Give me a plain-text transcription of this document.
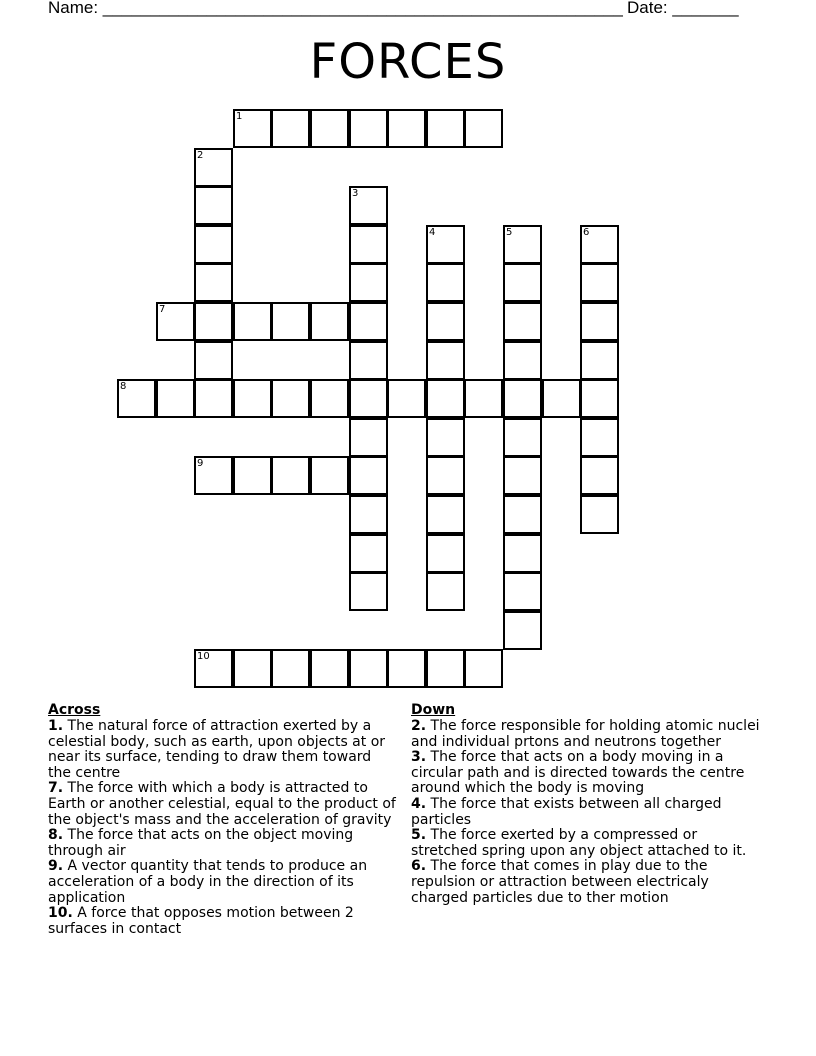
Name: _______________________________________________________ Date: _______
FORCES
1
2
3
4	5	6
7
8
9
10
Across
1. The natural force of attraction exerted by a celestial body, such as earth, upon objects at or near its surface, tending to draw them toward the centre
7. The force with which a body is attracted to Earth or another celestial, equal to the product of the object's mass and the acceleration of gravity
8. The force that acts on the object moving through air
9. A vector quantity that tends to produce an acceleration of a body in the direction of its application
10. A force that opposes motion between 2 surfaces in contact
Down
2. The force responsible for holding atomic nuclei and individual prtons and neutrons together
3. The force that acts on a body moving in a circular path and is directed towards the centre around which the body is moving
4. The force that exists between all charged particles
5. The force exerted by a compressed or stretched spring upon any object attached to it.
6. The force that comes in play due to the repulsion or attraction between electricaly charged particles due to ther motion
